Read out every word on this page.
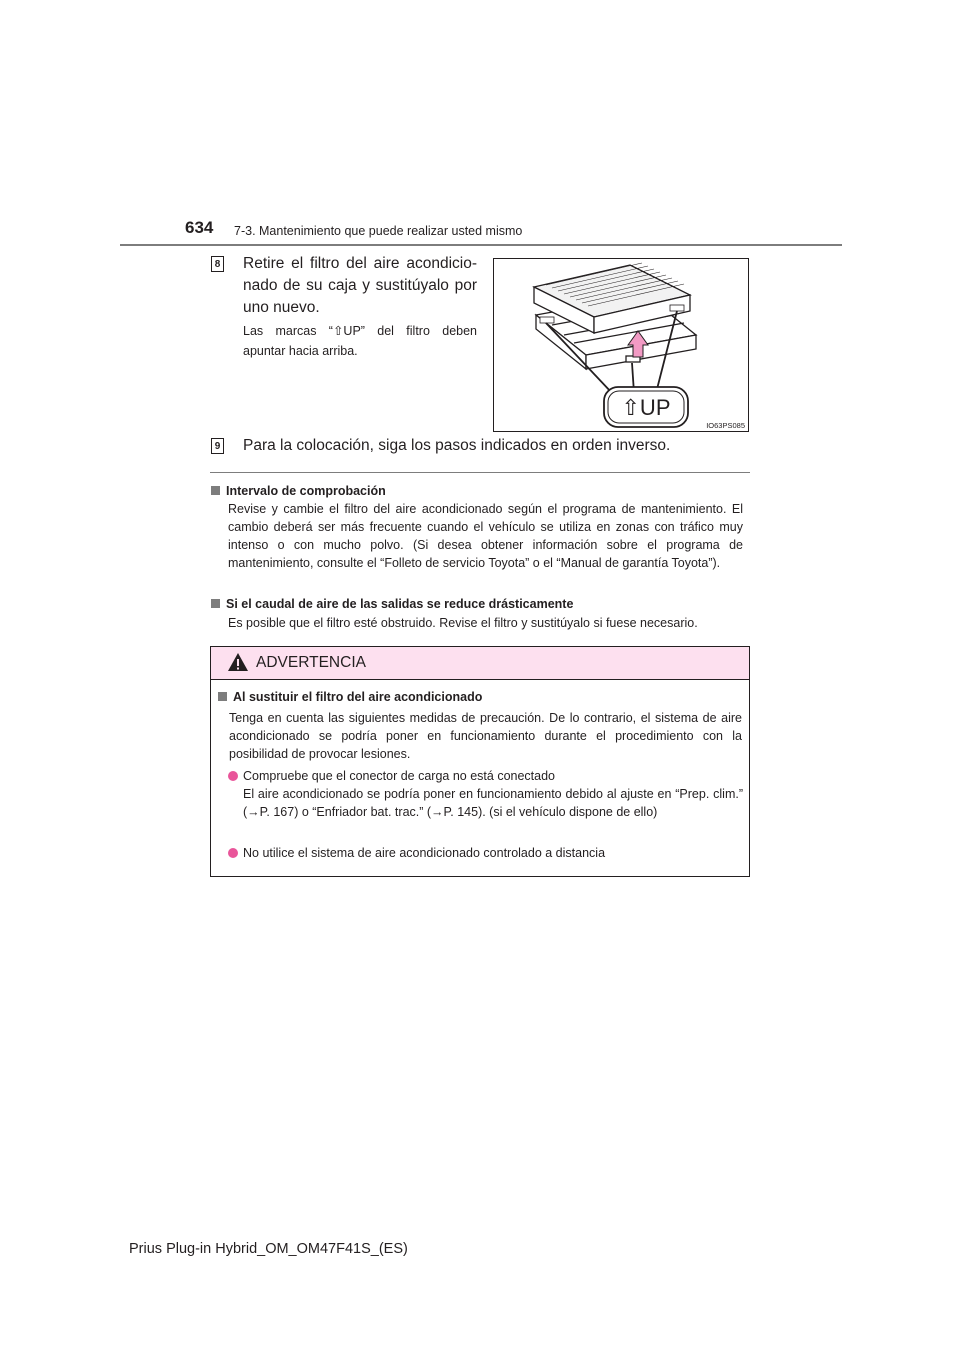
634 7-3. Mantenimiento que puede realizar usted mismo
8 Retire el filtro del aire acondicio-nado de su caja y sustitúyalo por uno nuevo.
Las marcas “⇧UP” del filtro deben apuntar hacia arriba.
⇧UP
IO63PS085
9 Para la colocación, siga los pasos indicados en orden inverso.
Intervalo de comprobación
Revise y cambie el filtro del aire acondicionado según el programa de mantenimiento. El cambio deberá ser más frecuente cuando el vehículo se utiliza en zonas con tráfico muy intenso o con mucho polvo. (Si desea obtener información sobre el programa de mantenimiento, consulte el “Folleto de servicio Toyota” o el “Manual de garantía Toyota”).
Si el caudal de aire de las salidas se reduce drásticamente
Es posible que el filtro esté obstruido. Revise el filtro y sustitúyalo si fuese necesario.
ADVERTENCIA
Al sustituir el filtro del aire acondicionado
Tenga en cuenta las siguientes medidas de precaución. De lo contrario, el sistema de aire acondicionado se podría poner en funcionamiento durante el procedimiento con la posibilidad de provocar lesiones.
Compruebe que el conector de carga no está conectado
El aire acondicionado se podría poner en funcionamiento debido al ajuste en “Prep. clim.” (→P. 167) o “Enfriador bat. trac.” (→P. 145). (si el vehículo dispone de ello)
No utilice el sistema de aire acondicionado controlado a distancia
Prius Plug-in Hybrid_OM_OM47F41S_(ES)
